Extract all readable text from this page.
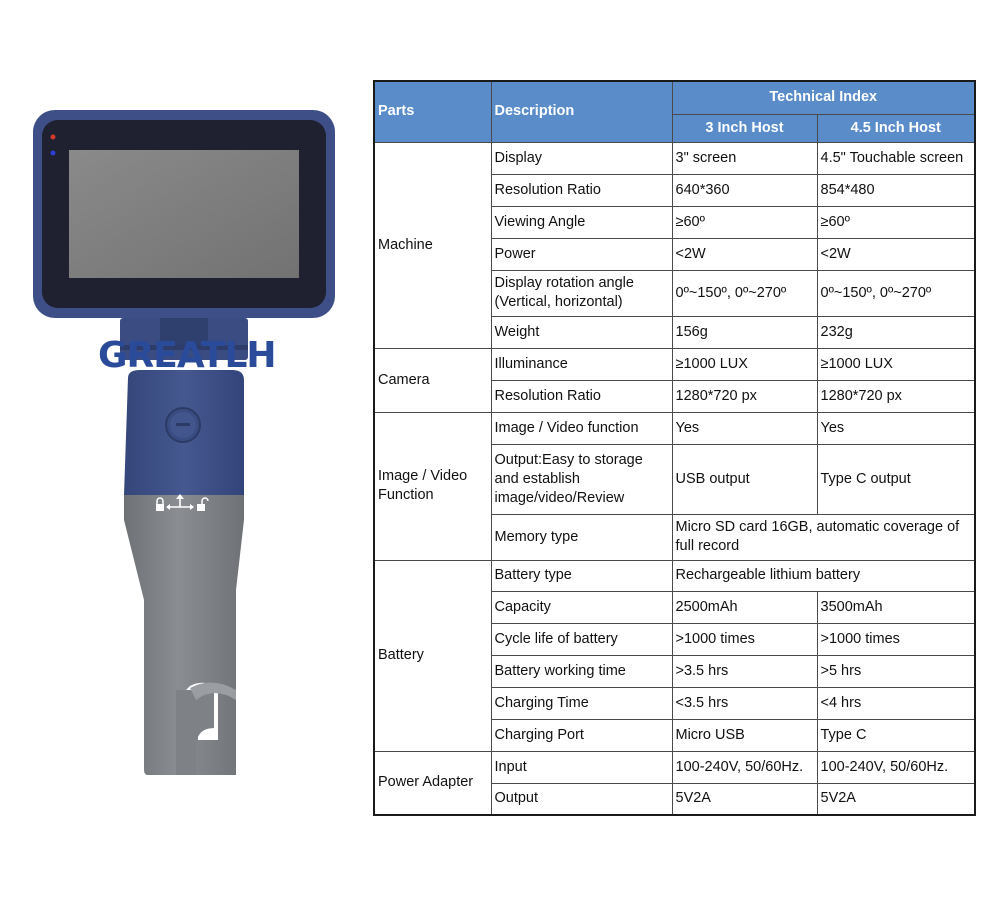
GREATLH
Parts	Description	Technical Index	
		3 Inch Host	4.5 Inch Host
Machine	Display	3" screen	4.5" Touchable screen
	Resolution Ratio	640*360	854*480
	Viewing Angle	≥60º	≥60º
	Power	<2W	<2W
	Display rotation angle (Vertical, horizontal)	0º~150º, 0º~270º	0º~150º, 0º~270º
	Weight	156g	232g
Camera	Illuminance	≥1000 LUX	≥1000 LUX
	Resolution Ratio	1280*720 px	1280*720 px
Image / Video Function	Image / Video function	Yes	Yes
	Output:Easy to storage and establish image/video/Review	USB output	Type C output
	Memory type	Micro SD card 16GB, automatic coverage of full record	
Battery	Battery type	Rechargeable lithium battery	
	Capacity	2500mAh	3500mAh
	Cycle life of battery	>1000 times	>1000 times
	Battery working time	>3.5 hrs	>5 hrs
	Charging Time	<3.5 hrs	<4 hrs
	Charging Port	Micro USB	Type C
Power Adapter	Input	100-240V, 50/60Hz.	100-240V, 50/60Hz.
	Output	5V2A	5V2A
